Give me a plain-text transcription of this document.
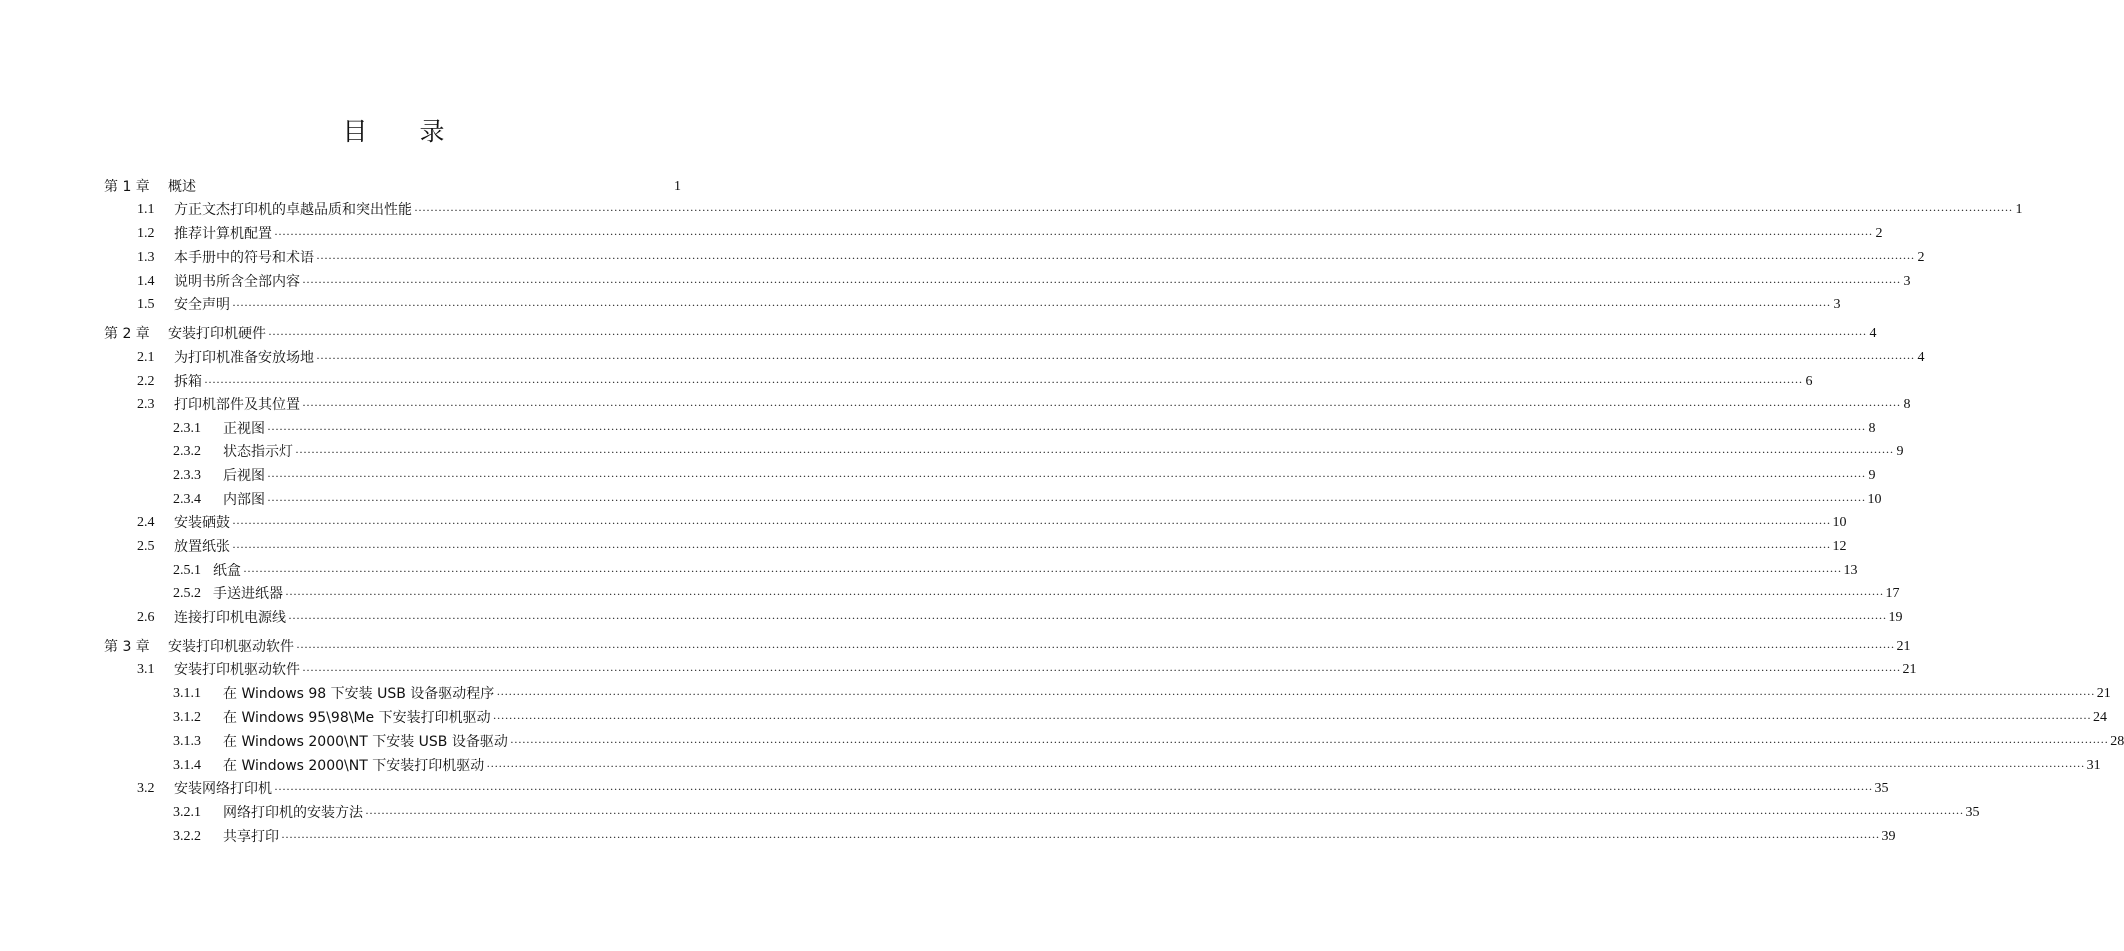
目 录
第 1 章	概述	1
1.1	方正文杰打印机的卓越品质和突出性能 ················································································································································································································································································································································································································ 1
1.2	推荐计算机配置 ················································································································································································································································································································································································································ 2
1.3	本手册中的符号和术语 ················································································································································································································································································································································································································ 2
1.4	说明书所含全部内容 ················································································································································································································································································································································································································ 3
1.5	安全声明 ················································································································································································································································································································································································································ 3
第 2 章	安装打印机硬件 ················································································································································································································································································································································································································ 4
2.1	为打印机准备安放场地 ················································································································································································································································································································································································································ 4
2.2	拆箱 ················································································································································································································································································································································································································ 6
2.3	打印机部件及其位置 ················································································································································································································································································································································································································ 8
2.3.1	正视图 ················································································································································································································································································································································································································ 8
2.3.2	状态指示灯 ················································································································································································································································································································································································································ 9
2.3.3	后视图 ················································································································································································································································································································································································································ 9
2.3.4	内部图 ················································································································································································································································································································································································································ 10
2.4	安装硒鼓 ················································································································································································································································································································································································································ 10
2.5	放置纸张 ················································································································································································································································································································································································································ 12
2.5.1 纸盒 ················································································································································································································································································································································································································ 13
2.5.2 手送进纸器 ················································································································································································································································································································································································································ 17
2.6	连接打印机电源线 ················································································································································································································································································································································································································ 19
第 3 章	安装打印机驱动软件 ················································································································································································································································································································································································································ 21
3.1	安装打印机驱动软件 ················································································································································································································································································································································································································ 21
3.1.1	在 Windows 98 下安装 USB 设备驱动程序 ················································································································································································································································································································································································································ 21
3.1.2	在 Windows 95\98\Me 下安装打印机驱动 ················································································································································································································································································································································································································ 24
3.1.3	在 Windows 2000\NT 下安装 USB 设备驱动 ················································································································································································································································································································································································································ 28
3.1.4	在 Windows 2000\NT 下安装打印机驱动 ················································································································································································································································································································································································································ 31
3.2	安装网络打印机 ················································································································································································································································································································································································································ 35
3.2.1	网络打印机的安装方法 ················································································································································································································································································································································································································ 35
3.2.2	共享打印 ················································································································································································································································································································································································································ 39
